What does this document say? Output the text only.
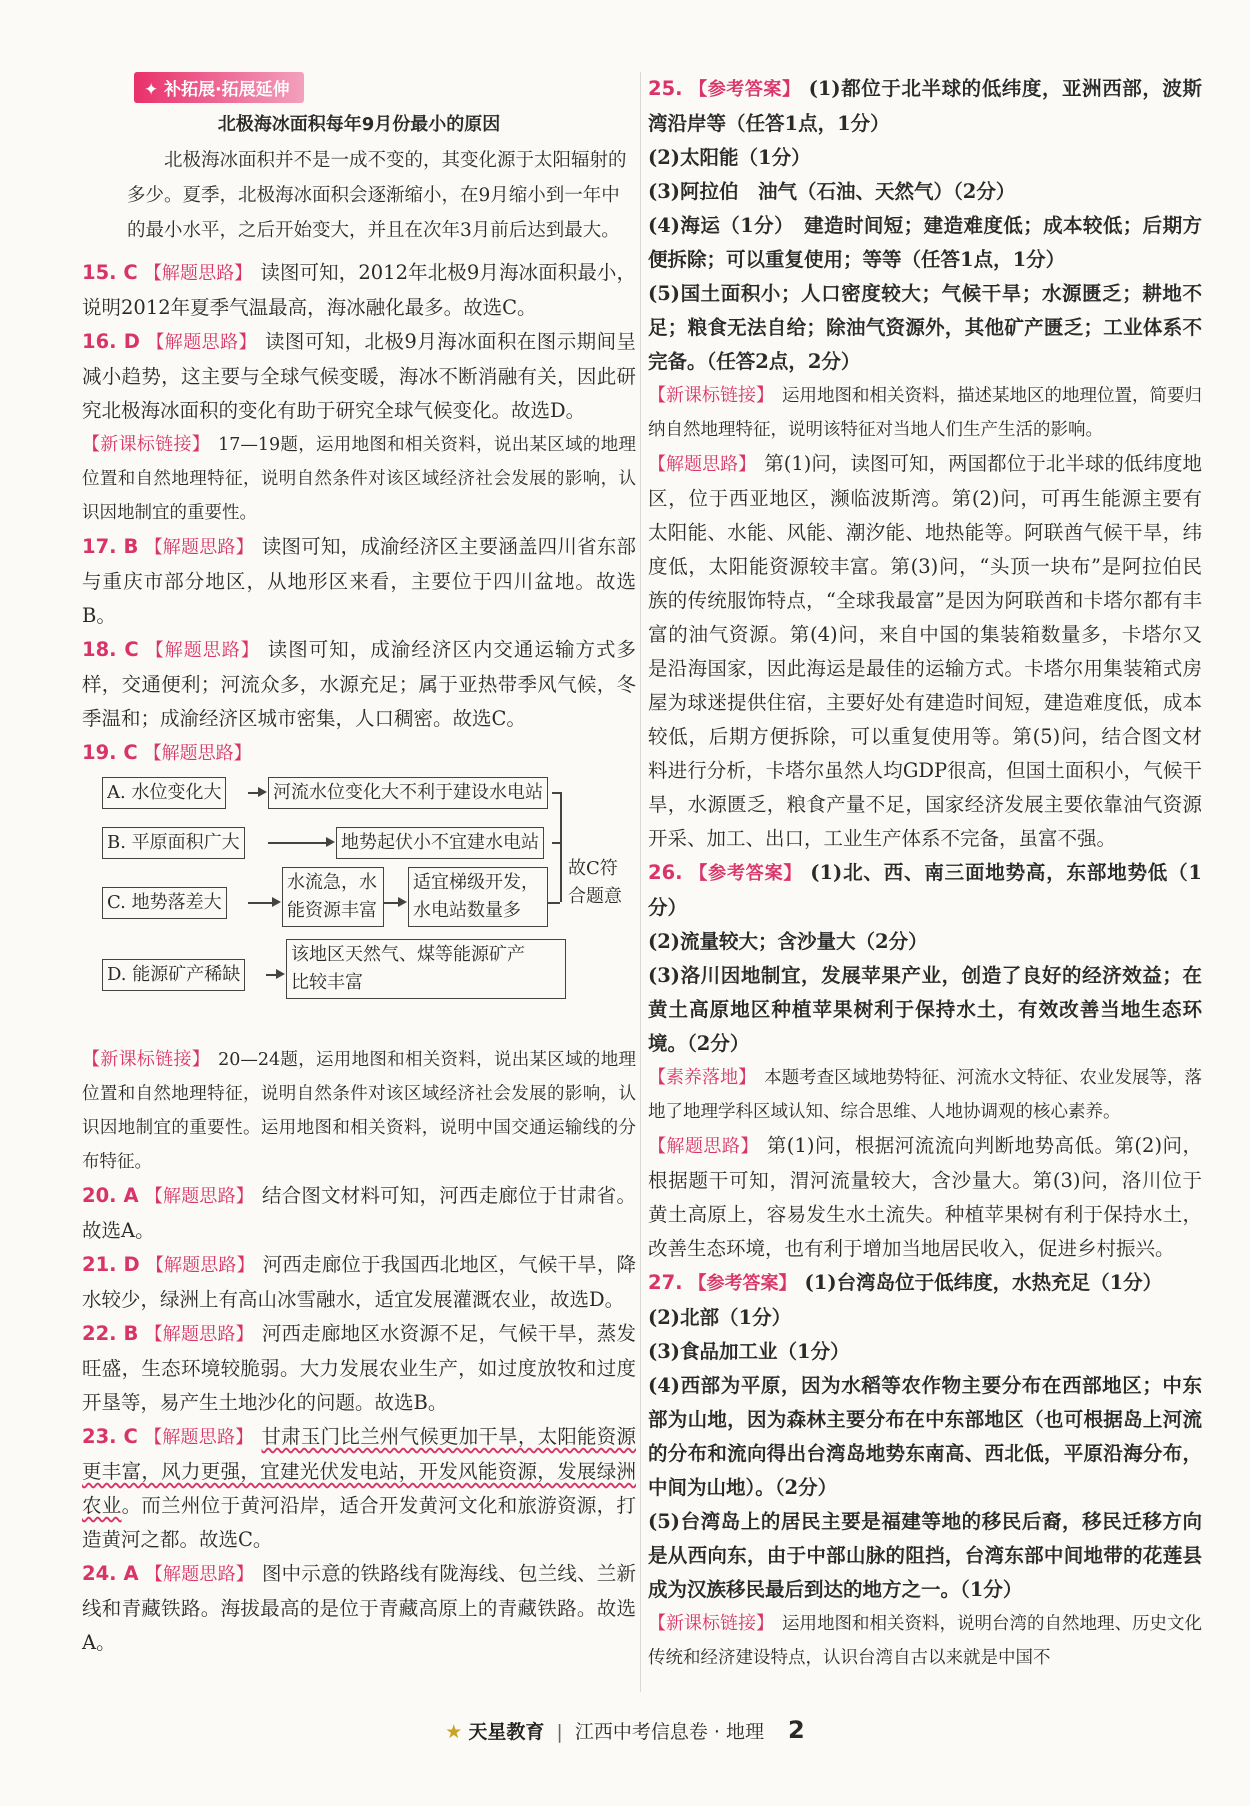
✦ 补拓展·拓展延伸

北极海冰面积每年9月份最小的原因

北极海冰面积并不是一成不变的，其变化源于太阳辐射的多少。夏季，北极海冰面积会逐渐缩小，在9月缩小到一年中的最小水平，之后开始变大，并且在次年3月前后达到最大。

15. C 【解题思路】 读图可知，2012年北极9月海冰面积最小，说明2012年夏季气温最高，海冰融化最多。故选C。

16. D 【解题思路】 读图可知，北极9月海冰面积在图示期间呈减小趋势，这主要与全球气候变暖，海冰不断消融有关，因此研究北极海冰面积的变化有助于研究全球气候变化。故选D。

【新课标链接】 17—19题，运用地图和相关资料，说出某区域的地理位置和自然地理特征，说明自然条件对该区域经济社会发展的影响，认识因地制宜的重要性。

17. B 【解题思路】 读图可知，成渝经济区主要涵盖四川省东部与重庆市部分地区，从地形区来看，主要位于四川盆地。故选B。

18. C 【解题思路】 读图可知，成渝经济区内交通运输方式多样，交通便利；河流众多，水源充足；属于亚热带季风气候，冬季温和；成渝经济区城市密集，人口稠密。故选C。

19. C 【解题思路】

A. 水位变化大	河流水位变化大不利于建设水电站
B. 平原面积广大	地势起伏小不宜建水电站
C. 地势落差大
水流急，水
能资源丰富
适宜梯级开发，
水电站数量多
D. 能源矿产稀缺
该地区天然气、煤等能源矿产
比较丰富
故C符
合题意

【新课标链接】 20—24题，运用地图和相关资料，说出某区域的地理位置和自然地理特征，说明自然条件对该区域经济社会发展的影响，认识因地制宜的重要性。运用地图和相关资料，说明中国交通运输线的分布特征。

20. A 【解题思路】 结合图文材料可知，河西走廊位于甘肃省。故选A。

21. D 【解题思路】 河西走廊位于我国西北地区，气候干旱，降水较少，绿洲上有高山冰雪融水，适宜发展灌溉农业，故选D。

22. B 【解题思路】 河西走廊地区水资源不足，气候干旱，蒸发旺盛，生态环境较脆弱。大力发展农业生产，如过度放牧和过度开垦等，易产生土地沙化的问题。故选B。

23. C 【解题思路】 甘肃玉门比兰州气候更加干旱，太阳能资源更丰富，风力更强，宜建光伏发电站，开发风能资源，发展绿洲农业。而兰州位于黄河沿岸，适合开发黄河文化和旅游资源，打造黄河之都。故选C。

24. A 【解题思路】 图中示意的铁路线有陇海线、包兰线、兰新线和青藏铁路。海拔最高的是位于青藏高原上的青藏铁路。故选A。

25. 【参考答案】 (1)都位于北半球的低纬度，亚洲西部，波斯湾沿岸等（任答1点，1分）

(2)太阳能（1分）

(3)阿拉伯　油气（石油、天然气）（2分）

(4)海运（1分）　建造时间短；建造难度低；成本较低；后期方便拆除；可以重复使用；等等（任答1点，1分）

(5)国土面积小；人口密度较大；气候干旱；水源匮乏；耕地不足；粮食无法自给；除油气资源外，其他矿产匮乏；工业体系不完备。（任答2点，2分）

【新课标链接】 运用地图和相关资料，描述某地区的地理位置，简要归纳自然地理特征，说明该特征对当地人们生产生活的影响。

【解题思路】 第(1)问，读图可知，两国都位于北半球的低纬度地区，位于西亚地区，濒临波斯湾。第(2)问，可再生能源主要有太阳能、水能、风能、潮汐能、地热能等。阿联酋气候干旱，纬度低，太阳能资源较丰富。第(3)问，“头顶一块布”是阿拉伯民族的传统服饰特点，“全球我最富”是因为阿联酋和卡塔尔都有丰富的油气资源。第(4)问，来自中国的集装箱数量多，卡塔尔又是沿海国家，因此海运是最佳的运输方式。卡塔尔用集装箱式房屋为球迷提供住宿，主要好处有建造时间短，建造难度低，成本较低，后期方便拆除，可以重复使用等。第(5)问，结合图文材料进行分析，卡塔尔虽然人均GDP很高，但国土面积小，气候干旱，水源匮乏，粮食产量不足，国家经济发展主要依靠油气资源开采、加工、出口，工业生产体系不完备，虽富不强。

26. 【参考答案】 (1)北、西、南三面地势高，东部地势低（1分）

(2)流量较大；含沙量大（2分）

(3)洛川因地制宜，发展苹果产业，创造了良好的经济效益；在黄土高原地区种植苹果树利于保持水土，有效改善当地生态环境。（2分）

【素养落地】 本题考查区域地势特征、河流水文特征、农业发展等，落地了地理学科区域认知、综合思维、人地协调观的核心素养。

【解题思路】 第(1)问，根据河流流向判断地势高低。第(2)问，根据题干可知，渭河流量较大，含沙量大。第(3)问，洛川位于黄土高原上，容易发生水土流失。种植苹果树有利于保持水土，改善生态环境，也有利于增加当地居民收入，促进乡村振兴。

27. 【参考答案】 (1)台湾岛位于低纬度，水热充足（1分）

(2)北部（1分）

(3)食品加工业（1分）

(4)西部为平原，因为水稻等农作物主要分布在西部地区；中东部为山地，因为森林主要分布在中东部地区（也可根据岛上河流的分布和流向得出台湾岛地势东南高、西北低，平原沿海分布，中间为山地）。（2分）

(5)台湾岛上的居民主要是福建等地的移民后裔，移民迁移方向是从西向东，由于中部山脉的阻挡，台湾东部中间地带的花莲县成为汉族移民最后到达的地方之一。（1分）

【新课标链接】 运用地图和相关资料，说明台湾的自然地理、历史文化传统和经济建设特点，认识台湾自古以来就是中国不

★ 天星教育 | 江西中考信息卷 · 地理 2
